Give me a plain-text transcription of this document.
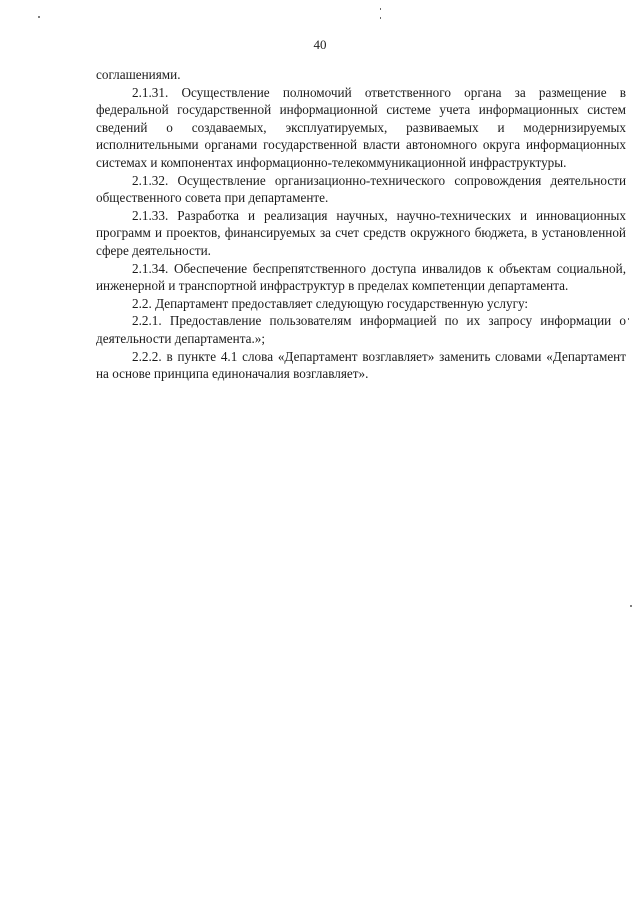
40

соглашениями.

2.1.31. Осуществление полномочий ответственного органа за размещение в федеральной государственной информационной системе учета информационных систем сведений о создаваемых, эксплуатируемых, развиваемых и модернизируемых исполнительными органами государственной власти автономного округа информационных системах и компонентах информационно-телекоммуникационной инфраструктуры.

2.1.32. Осуществление организационно-технического сопровождения деятельности общественного совета при департаменте.

2.1.33. Разработка и реализация научных, научно-технических и инновационных программ и проектов, финансируемых за счет средств окружного бюджета, в установленной сфере деятельности.

2.1.34. Обеспечение беспрепятственного доступа инвалидов к объектам социальной, инженерной и транспортной инфраструктур в пределах компетенции департамента.

2.2. Департамент предоставляет следующую государственную услугу:

2.2.1. Предоставление пользователям информацией по их запросу информации о деятельности департамента.»;

2.2.2. в пункте 4.1 слова «Департамент возглавляет» заменить словами «Департамент на основе принципа единоначалия возглавляет».
